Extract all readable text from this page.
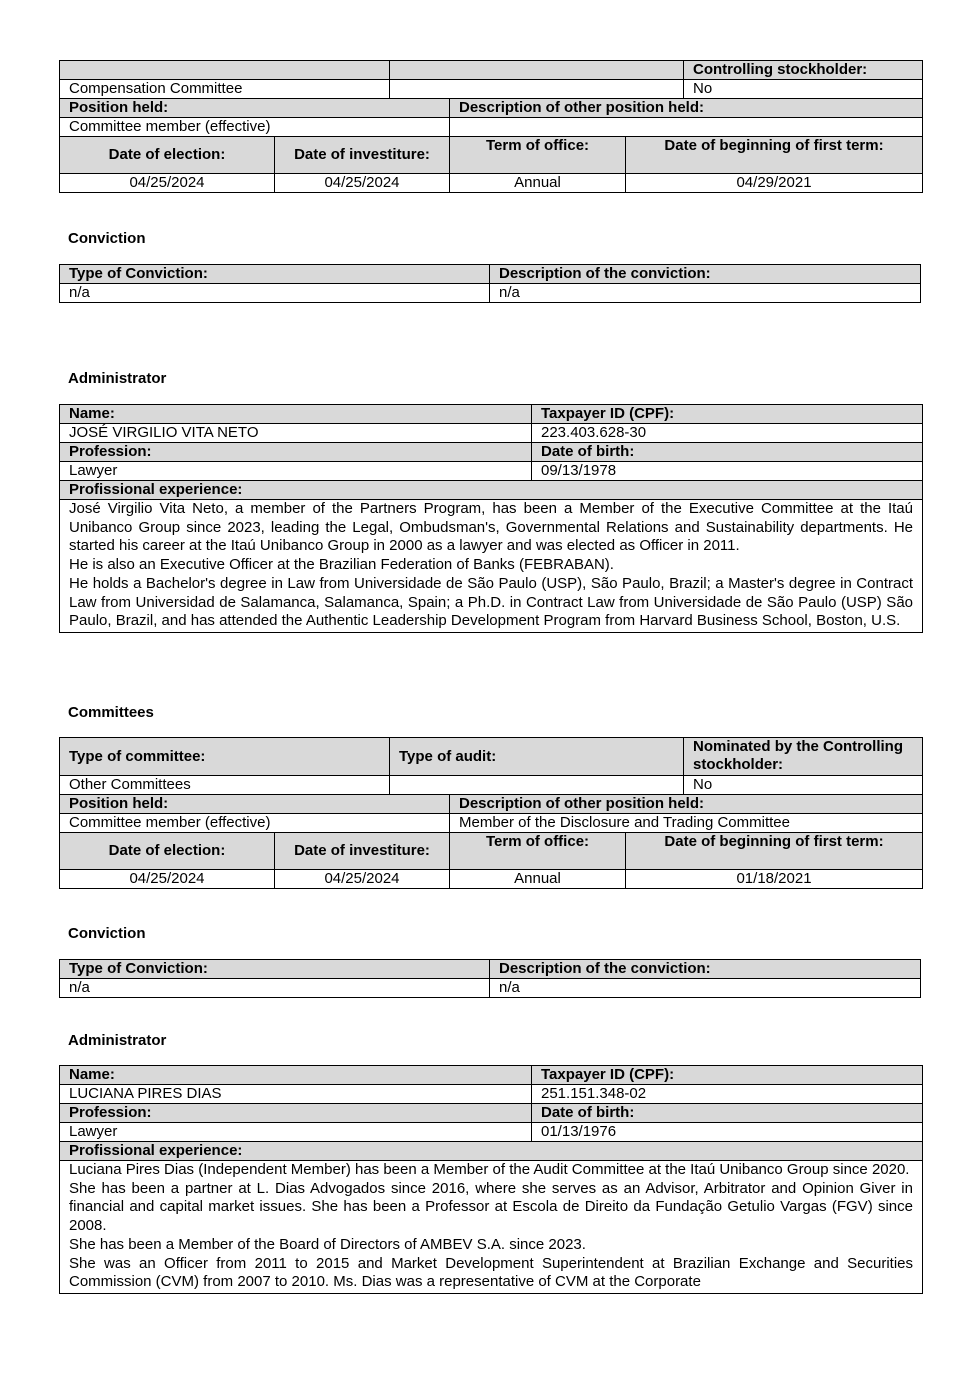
					Controlling stockholder:
Compensation Committee					No
Position held:			Description of other position held:		
Committee member (effective)					
Date of election:	Date of investiture:		Term of office:	Date of beginning of first term:	
04/25/2024	04/25/2024		Annual	04/29/2021	

Conviction

Type of Conviction:	Description of the conviction:
n/a	n/a

Administrator

Name:	Taxpayer ID (CPF):
JOSÉ VIRGILIO VITA NETO	223.403.628-30
Profession:	Date of birth:
Lawyer	09/13/1978
Profissional experience:	

José Virgilio Vita Neto, a member of the Partners Program, has been a Member of the Executive Committee at the Itaú Unibanco Group since 2023, leading the Legal, Ombudsman's, Governmental Relations and Sustainability departments. He started his career at the Itaú Unibanco Group in 2000 as a lawyer and was elected as Officer in 2011.

He is also an Executive Officer at the Brazilian Federation of Banks (FEBRABAN).

He holds a Bachelor's degree in Law from Universidade de São Paulo (USP), São Paulo, Brazil; a Master's degree in Contract Law from Universidad de Salamanca, Salamanca, Spain; a Ph.D. in Contract Law from Universidade de São Paulo (USP) São Paulo, Brazil, and has attended the Authentic Leadership Development Program from Harvard Business School, Boston, U.S.	

Committees

Type of committee:		Type of audit:			Nominated by the Controlling stockholder:
Other Committees					No
Position held:			Description of other position held:		
Committee member (effective)			Member of the Disclosure and Trading Committee		
Date of election:	Date of investiture:		Term of office:	Date of beginning of first term:	
04/25/2024	04/25/2024		Annual	01/18/2021	

Conviction

Type of Conviction:	Description of the conviction:
n/a	n/a

Administrator

Name:	Taxpayer ID (CPF):
LUCIANA PIRES DIAS	251.151.348-02
Profession:	Date of birth:
Lawyer	01/13/1976
Profissional experience:	

Luciana Pires Dias (Independent Member) has been a Member of the Audit Committee at the Itaú Unibanco Group since 2020.

She has been a partner at L. Dias Advogados since 2016, where she serves as an Advisor, Arbitrator and Opinion Giver in financial and capital market issues. She has been a Professor at Escola de Direito da Fundação Getulio Vargas (FGV) since 2008.

She has been a Member of the Board of Directors of AMBEV S.A. since 2023.

She was an Officer from 2011 to 2015 and Market Development Superintendent at Brazilian Exchange and Securities Commission (CVM) from 2007 to 2010. Ms. Dias was a representative of CVM at the Corporate	
